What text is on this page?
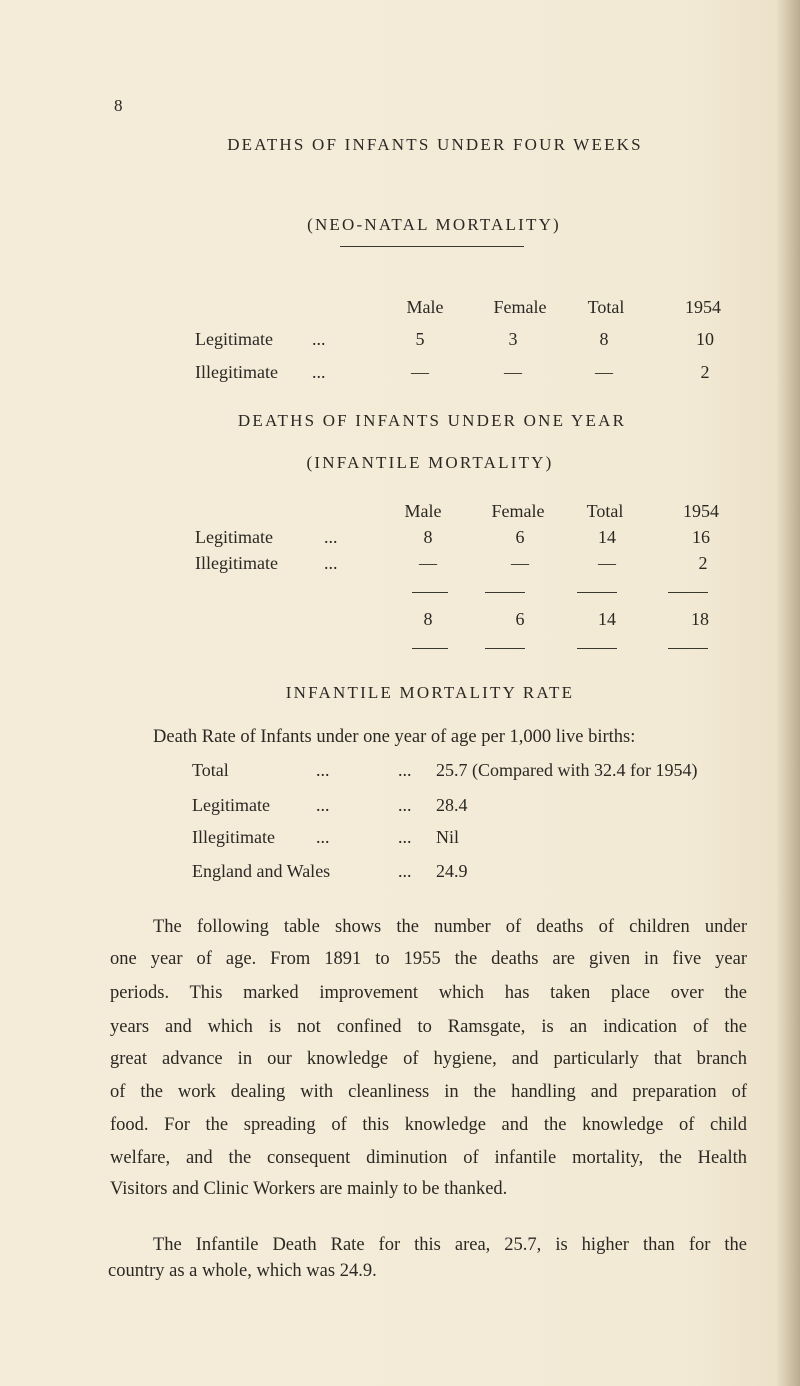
8
DEATHS OF INFANTS UNDER FOUR WEEKS
(NEO-NATAL MORTALITY)
Male	Female Total	1954
Legitimate ...	5	3	8	10
Illegitimate ...	—	—	—	2
DEATHS OF INFANTS UNDER ONE YEAR
(INFANTILE MORTALITY)
Male	Female Total	1954
Legitimate	...	8	6	14	16
Illegitimate	...	—	—	—	2
8	6	14	18
INFANTILE MORTALITY RATE
Death Rate of Infants under one year of age per 1,000 live births:
Total	...	... 25.7 (Compared with 32.4 for 1954)
Legitimate	...	... 28.4
Illegitimate ...	... Nil
England and Wales	... 24.9
The following table shows the number of deaths of children under
one year of age. From 1891 to 1955 the deaths are given in five year
periods. This marked improvement which has taken place over the
years and which is not confined to Ramsgate, is an indication of the
great advance in our knowledge of hygiene, and particularly that branch
of the work dealing with cleanliness in the handling and preparation of
food. For the spreading of this knowledge and the knowledge of child
welfare, and the consequent diminution of infantile mortality, the Health
Visitors and Clinic Workers are mainly to be thanked.
The Infantile Death Rate for this area, 25.7, is higher than for the
country as a whole, which was 24.9.
